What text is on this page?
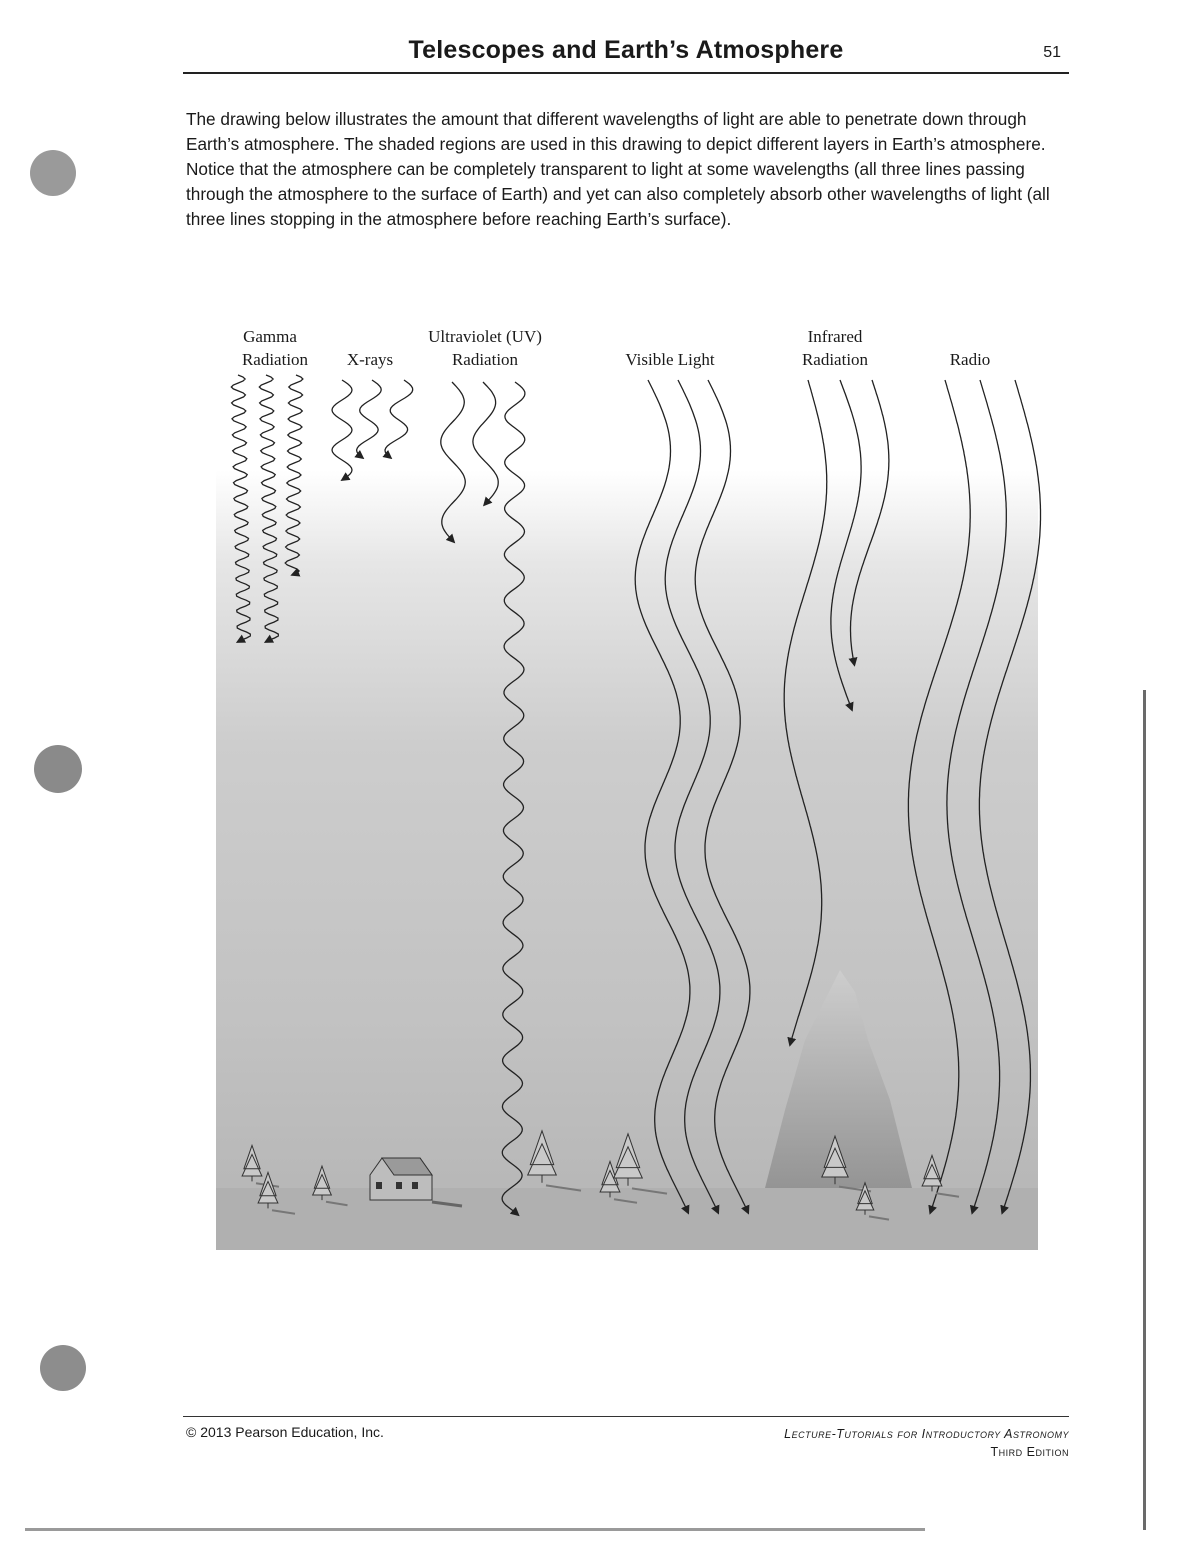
Telescopes and Earth’s Atmosphere	51

The drawing below illustrates the amount that different wavelengths of light are able to penetrate down through Earth’s atmosphere. The shaded regions are used in this drawing to depict different layers in Earth’s atmosphere. Notice that the atmosphere can be completely transparent to light at some wavelengths (all three lines passing through the atmosphere to the surface of Earth) and yet can also completely absorb other wavelengths of light (all three lines stopping in the atmosphere before reaching Earth’s surface).

Gamma
Radiation	X-rays
Ultraviolet (UV)
Radiation	Visible Light
Infrared
Radiation	Radio
© 2013 Pearson Education, Inc.	Lecture-Tutorials for Introductory Astronomy
Third Edition
